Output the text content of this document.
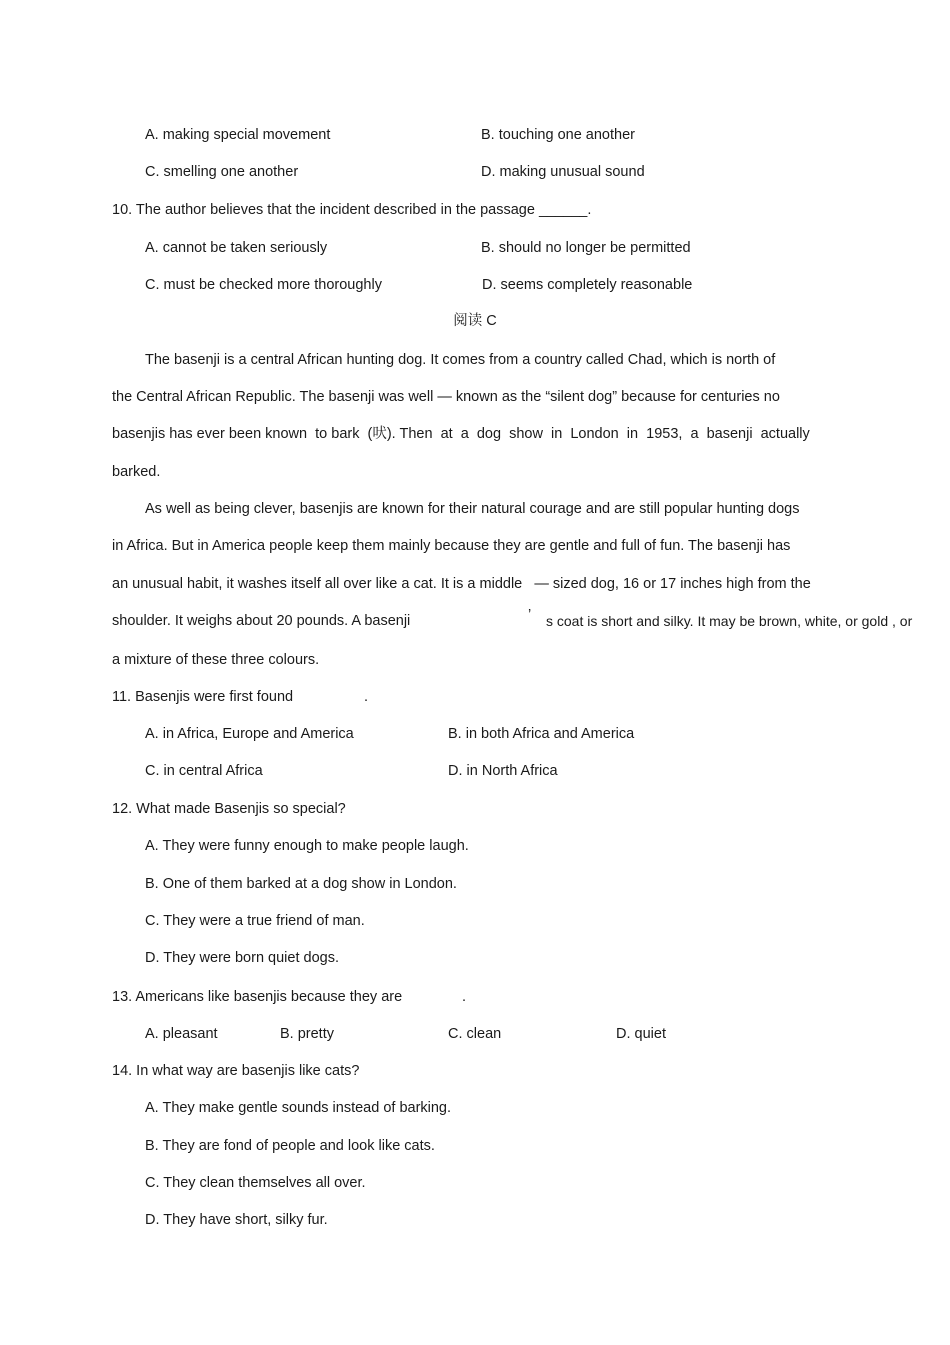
A. making special movement	B. touching one another
C. smelling one another	D. making unusual sound
10. The author believes that the incident described in the passage ______.
A. cannot be taken seriously	B. should no longer be permitted
C. must be checked more thoroughly	D. seems completely reasonable
阅读 C
The basenji is a central African hunting dog. It comes from a country called Chad, which is north of
the Central African Republic. The basenji was well — known as the “silent dog” because for centuries no
basenjis has ever been known  to bark  (吠). Then  at  a  dog  show  in  London  in  1953,  a  basenji  actually
barked.
As well as being clever, basenjis are known for their natural courage and are still popular hunting dogs
in Africa. But in America people keep them mainly because they are gentle and full of fun. The basenji has
an unusual habit, it washes itself all over like a cat. It is a middle   — sized dog, 16 or 17 inches high from the
shoulder. It weighs about 20 pounds. A basenji	’ s coat is short and silky. It may be brown, white, or gold , or
a mixture of these three colours.
11. Basenjis were first found	.
A. in Africa, Europe and America	B. in both Africa and America
C. in central Africa	D. in North Africa
12. What made Basenjis so special?
A. They were funny enough to make people laugh.
B. One of them barked at a dog show in London.
C. They were a true friend of man.
D. They were born quiet dogs.
13. Americans like basenjis because they are	.
A. pleasant	B. pretty	C. clean	D. quiet
14. In what way are basenjis like cats?
A. They make gentle sounds instead of barking.
B. They are fond of people and look like cats.
C. They clean themselves all over.
D. They have short, silky fur.
